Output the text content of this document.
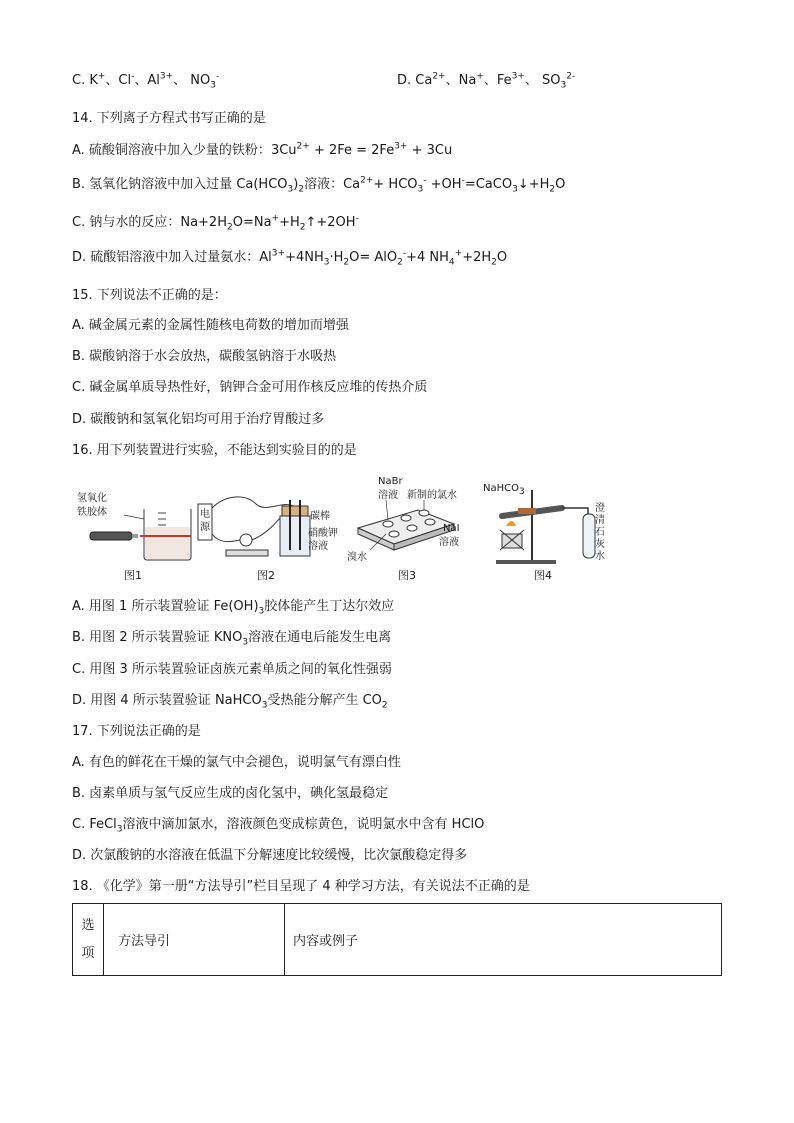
C. K+、Cl-、$Al^{3+}$、 $NO_3^-$	D. $Ca^{2+}$、Na+、$Fe^{3+}$、 $SO_3^{2-}$
14. 下列离子方程式书写正确的是
A. 硫酸铜溶液中加入少量的铁粉：$3Cu^{2+} + 2Fe = 2Fe^{3+} + 3Cu$
B. 氢氧化钠溶液中加入过量 $Ca(HCO_3)_2$溶液：$Ca^{2+}+ HCO_3^-$ $+OH^-=CaCO_3↓+H_2O$
C. 钠与水的反应：$Na+2H_2O=Na^++H_2↑+2OH^-$
D. 硫酸铝溶液中加入过量氨水：$Al^{3+}+4NH_3\cdot H_2O= AlO_2^-+4$ $NH_4^++2H_2O$
15. 下列说法不正确的是：
A. 碱金属元素的金属性随核电荷数的增加而增强
B. 碳酸钠溶于水会放热，碳酸氢钠溶于水吸热
C. 碱金属单质导热性好，钠钾合金可用作核反应堆的传热介质
D. 碳酸钠和氢氧化铝均可用于治疗胃酸过多
16. 用下列装置进行实验，不能达到实验目的的是
氢氧化
铁胶体
图1
电源
碳棒
硝酸钾
溶液
图2
NaBr
溶液 新制的氯水
NaI
溶液
溴水
图3
NaHCO$_3$
澄清石灰水
图4
A. 用图 1 所示装置验证 $Fe(OH)_3$胶体能产生丁达尔效应
B. 用图 2 所示装置验证 $KNO_3$溶液在通电后能发生电离
C. 用图 3 所示装置验证卤族元素单质之间的氧化性强弱
D. 用图 4 所示装置验证 NaHCO$_3$受热能分解产生 $CO_2$
17. 下列说法正确的是
A. 有色的鲜花在干燥的氯气中会褪色，说明氯气有漂白性
B. 卤素单质与氢气反应生成的卤化氢中，碘化氢最稳定
C. FeCl$_3$溶液中滴加氯水，溶液颜色变成棕黄色，说明氯水中含有 HClO
D. 次氯酸钠的水溶液在低温下分解速度比较缓慢，比次氯酸稳定得多
18. 《化学》第一册“方法导引”栏目呈现了 4 种学习方法，有关说法不正确的是
选
项
	方法导引	内容或例子
